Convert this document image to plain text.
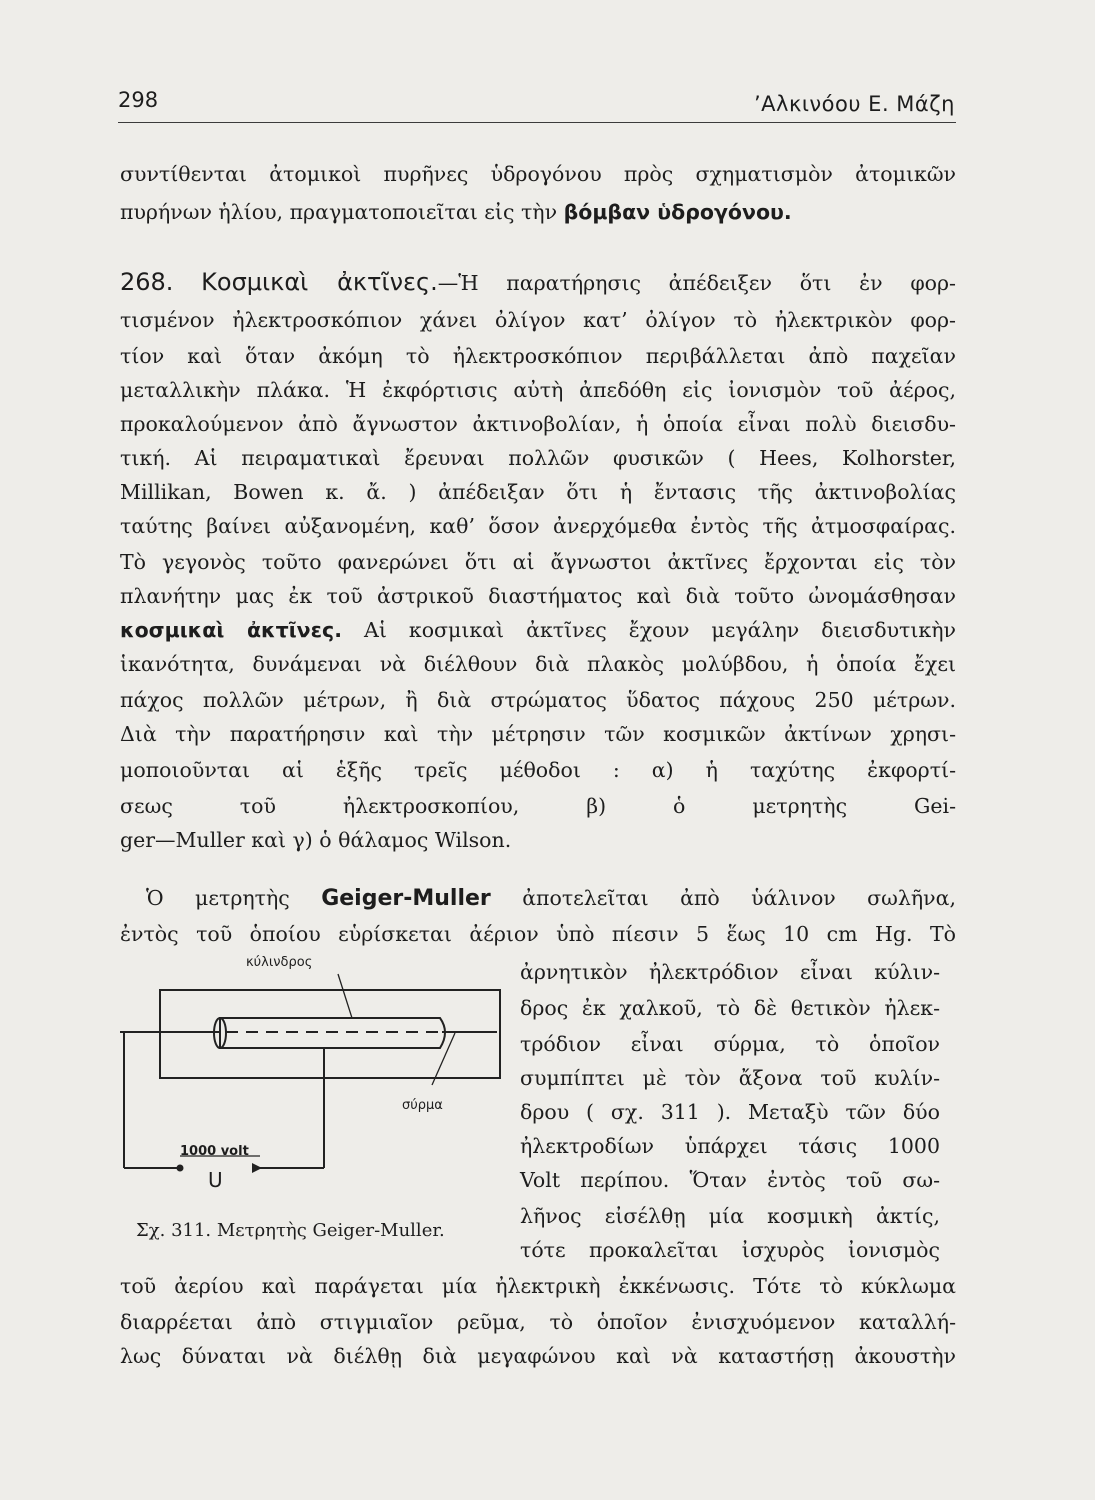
298	’Αλκινόου Ε. Μάζη
συντίθενται ἀτομικοὶ πυρῆνες ὑδρογόνου πρὸς σχηματισμὸν ἀτομικῶν
πυρήνων ἡλίου, πραγματοποιεῖται εἰς τὴν βόμβαν ὑδρογόνου.
268. Κοσμικαὶ ἀκτῖνες.—Ἡ παρατήρησις ἀπέδειξεν ὅτι ἐν φορ-
τισμένον ἠλεκτροσκόπιον χάνει ὀλίγον κατ’ ὀλίγον τὸ ἠλεκτρικὸν φορ-
τίον καὶ ὅταν ἀκόμη τὸ ἠλεκτροσκόπιον περιβάλλεται ἀπὸ παχεῖαν
μεταλλικὴν πλάκα. Ἡ ἐκφόρτισις αὐτὴ ἀπεδόθη εἰς ἰονισμὸν τοῦ ἀέρος,
προκαλούμενον ἀπὸ ἄγνωστον ἀκτινοβολίαν, ἡ ὁποία εἶναι πολὺ διεισδυ-
τική. Αἱ πειραματικαὶ ἔρευναι πολλῶν φυσικῶν ( Hees, Kolhorster,
Millikan, Bowen κ. ἄ. ) ἀπέδειξαν ὅτι ἡ ἔντασις τῆς ἀκτινοβολίας
ταύτης βαίνει αὐξανομένη, καθ’ ὅσον ἀνερχόμεθα ἐντὸς τῆς ἀτμοσφαίρας.
Τὸ γεγονὸς τοῦτο φανερώνει ὅτι αἱ ἄγνωστοι ἀκτῖνες ἔρχονται εἰς τὸν
πλανήτην μας ἐκ τοῦ ἀστρικοῦ διαστήματος καὶ διὰ τοῦτο ὠνομάσθησαν
κοσμικαὶ ἀκτῖνες. Αἱ κοσμικαὶ ἀκτῖνες ἔχουν μεγάλην διεισδυτικὴν
ἱκανότητα, δυνάμεναι νὰ διέλθουν διὰ πλακὸς μολύβδου, ἡ ὁποία ἔχει
πάχος πολλῶν μέτρων, ἢ διὰ στρώματος ὕδατος πάχους 250 μέτρων.
Διὰ τὴν παρατήρησιν καὶ τὴν μέτρησιν τῶν κοσμικῶν ἀκτίνων χρησι-
μοποιοῦνται αἱ ἑξῆς τρεῖς μέθοδοι : α) ἡ ταχύτης ἐκφορτί-
σεως τοῦ ἠλεκτροσκοπίου, β) ὁ μετρητὴς Gei-
ger—Muller καὶ γ) ὁ θάλαμος Wilson.
Ὁ μετρητὴς Geiger-Muller ἀποτελεῖται ἀπὸ ὑάλινον σωλῆνα,
ἐντὸς τοῦ ὁποίου εὑρίσκεται ἀέριον ὑπὸ πίεσιν 5 ἕως 10 cm Hg. Τὸ
ἀρνητικὸν ἠλεκτρόδιον εἶναι κύλιν-
δρος ἐκ χαλκοῦ, τὸ δὲ θετικὸν ἠλεκ-
τρόδιον εἶναι σύρμα, τὸ ὁποῖον
συμπίπτει μὲ τὸν ἄξονα τοῦ κυλίν-
δρου ( σχ. 311 ). Μεταξὺ τῶν δύο
ἠλεκτροδίων ὑπάρχει τάσις 1000
Volt περίπου. Ὅταν ἐντὸς τοῦ σω-
λῆνος εἰσέλθῃ μία κοσμικὴ ἀκτίς,
τότε προκαλεῖται ἰσχυρὸς ἰονισμὸς
τοῦ ἀερίου καὶ παράγεται μία ἠλεκτρικὴ ἐκκένωσις. Τότε τὸ κύκλωμα
διαρρέεται ἀπὸ στιγμιαῖον ρεῦμα, τὸ ὁποῖον ἐνισχυόμενον καταλλή-
λως δύναται νὰ διέλθῃ διὰ μεγαφώνου καὶ νὰ καταστήσῃ ἀκουστὴν
κύλινδρος
σύρμα
1000 volt
U
Σχ. 311. Μετρητὴς Geiger-Muller.
